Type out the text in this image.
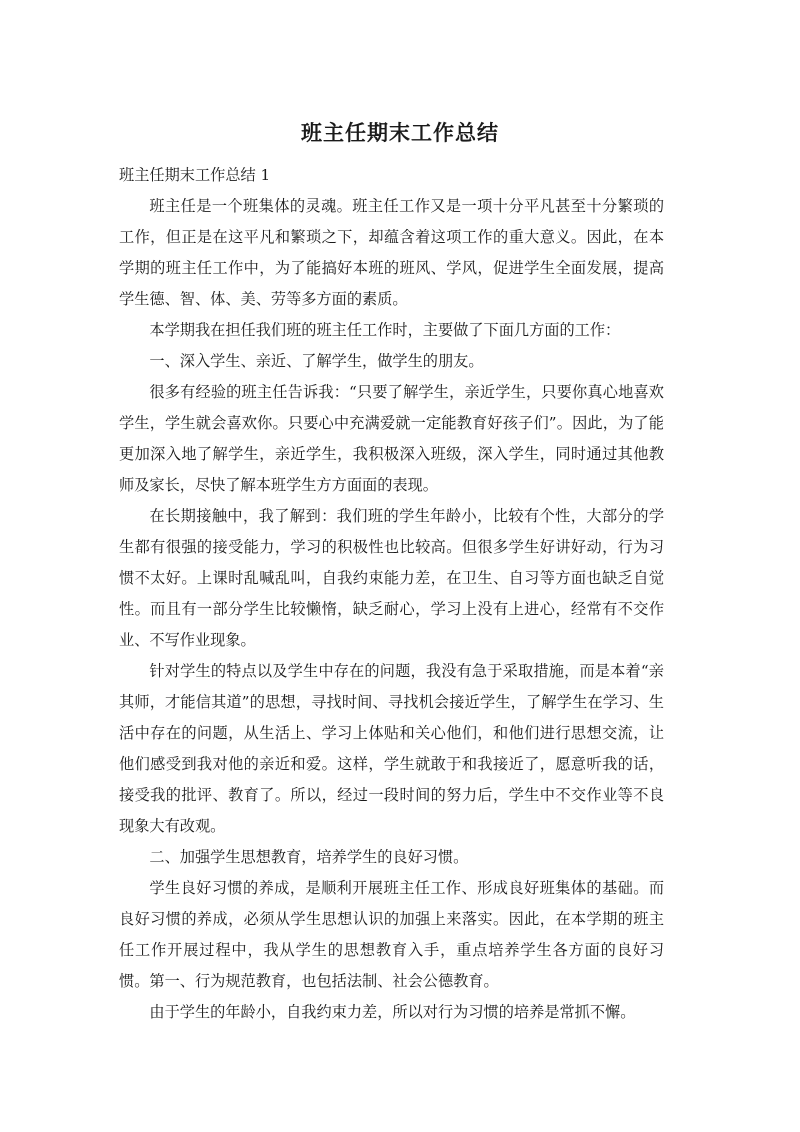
班主任期末工作总结

班主任期末工作总结 1

班主任是一个班集体的灵魂。班主任工作又是一项十分平凡甚至十分繁琐的工作，但正是在这平凡和繁琐之下，却蕴含着这项工作的重大意义。因此，在本学期的班主任工作中，为了能搞好本班的班风、学风，促进学生全面发展，提高学生德、智、体、美、劳等多方面的素质。

本学期我在担任我们班的班主任工作时，主要做了下面几方面的工作：

一、深入学生、亲近、了解学生，做学生的朋友。

很多有经验的班主任告诉我：“只要了解学生，亲近学生，只要你真心地喜欢学生，学生就会喜欢你。只要心中充满爱就一定能教育好孩子们”。因此，为了能更加深入地了解学生，亲近学生，我积极深入班级，深入学生，同时通过其他教师及家长，尽快了解本班学生方方面面的表现。

在长期接触中，我了解到：我们班的学生年龄小，比较有个性，大部分的学生都有很强的接受能力，学习的积极性也比较高。但很多学生好讲好动，行为习惯不太好。上课时乱喊乱叫，自我约束能力差，在卫生、自习等方面也缺乏自觉性。而且有一部分学生比较懒惰，缺乏耐心，学习上没有上进心，经常有不交作业、不写作业现象。

针对学生的特点以及学生中存在的问题，我没有急于采取措施，而是本着“亲其师，才能信其道”的思想，寻找时间、寻找机会接近学生，了解学生在学习、生活中存在的问题，从生活上、学习上体贴和关心他们，和他们进行思想交流，让他们感受到我对他的亲近和爱。这样，学生就敢于和我接近了，愿意听我的话，接受我的批评、教育了。所以，经过一段时间的努力后，学生中不交作业等不良现象大有改观。

二、加强学生思想教育，培养学生的良好习惯。

学生良好习惯的养成，是顺利开展班主任工作、形成良好班集体的基础。而良好习惯的养成，必须从学生思想认识的加强上来落实。因此，在本学期的班主任工作开展过程中，我从学生的思想教育入手，重点培养学生各方面的良好习惯。第一、行为规范教育，也包括法制、社会公德教育。

由于学生的年龄小，自我约束力差，所以对行为习惯的培养是常抓不懈。
